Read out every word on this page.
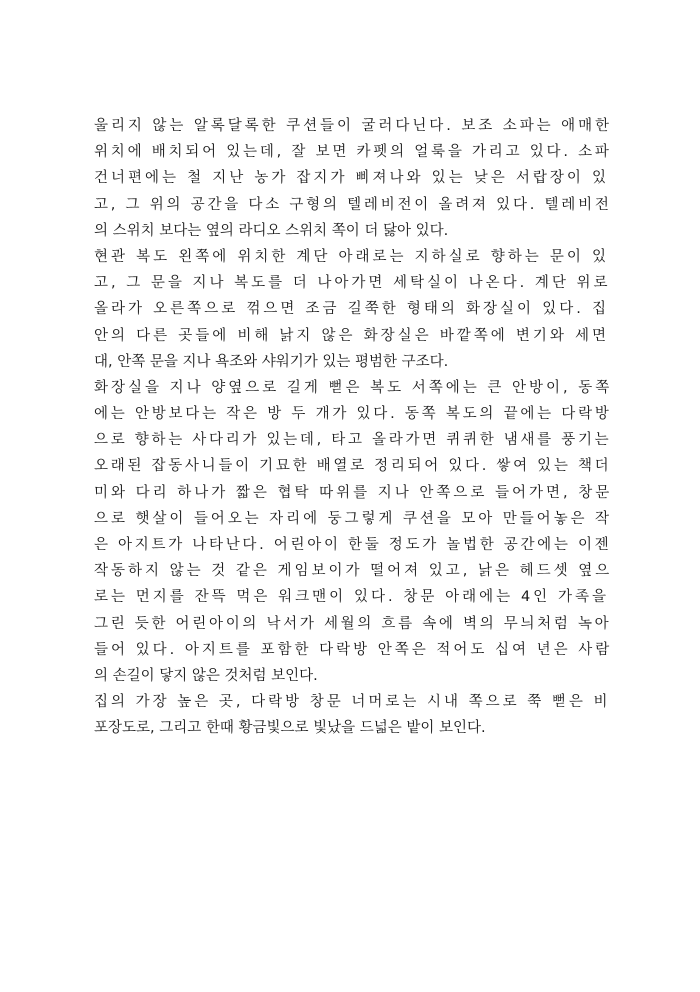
울리지 않는 알록달록한 쿠션들이 굴러다닌다. 보조 소파는 애매한
위치에 배치되어 있는데, 잘 보면 카펫의 얼룩을 가리고 있다. 소파
건너편에는 철 지난 농가 잡지가 삐져나와 있는 낮은 서랍장이 있
고, 그 위의 공간을 다소 구형의 텔레비전이 올려져 있다. 텔레비전
의 스위치 보다는 옆의 라디오 스위치 쪽이 더 닳아 있다.
현관 복도 왼쪽에 위치한 계단 아래로는 지하실로 향하는 문이 있
고, 그 문을 지나 복도를 더 나아가면 세탁실이 나온다. 계단 위로
올라가 오른쪽으로 꺾으면 조금 길쭉한 형태의 화장실이 있다. 집
안의 다른 곳들에 비해 낡지 않은 화장실은 바깥쪽에 변기와 세면
대, 안쪽 문을 지나 욕조와 샤워기가 있는 평범한 구조다.
화장실을 지나 양옆으로 길게 뻗은 복도 서쪽에는 큰 안방이, 동쪽
에는 안방보다는 작은 방 두 개가 있다. 동쪽 복도의 끝에는 다락방
으로 향하는 사다리가 있는데, 타고 올라가면 퀴퀴한 냄새를 풍기는
오래된 잡동사니들이 기묘한 배열로 정리되어 있다. 쌓여 있는 책더
미와 다리 하나가 짧은 협탁 따위를 지나 안쪽으로 들어가면, 창문
으로 햇살이 들어오는 자리에 둥그렇게 쿠션을 모아 만들어놓은 작
은 아지트가 나타난다. 어린아이 한둘 정도가 놀법한 공간에는 이젠
작동하지 않는 것 같은 게임보이가 떨어져 있고, 낡은 헤드셋 옆으
로는 먼지를 잔뜩 먹은 워크맨이 있다. 창문 아래에는 4인 가족을
그린 듯한 어린아이의 낙서가 세월의 흐름 속에 벽의 무늬처럼 녹아
들어 있다. 아지트를 포함한 다락방 안쪽은 적어도 십여 년은 사람
의 손길이 닿지 않은 것처럼 보인다.
집의 가장 높은 곳, 다락방 창문 너머로는 시내 쪽으로 쭉 뻗은 비
포장도로, 그리고 한때 황금빛으로 빛났을 드넓은 밭이 보인다.
